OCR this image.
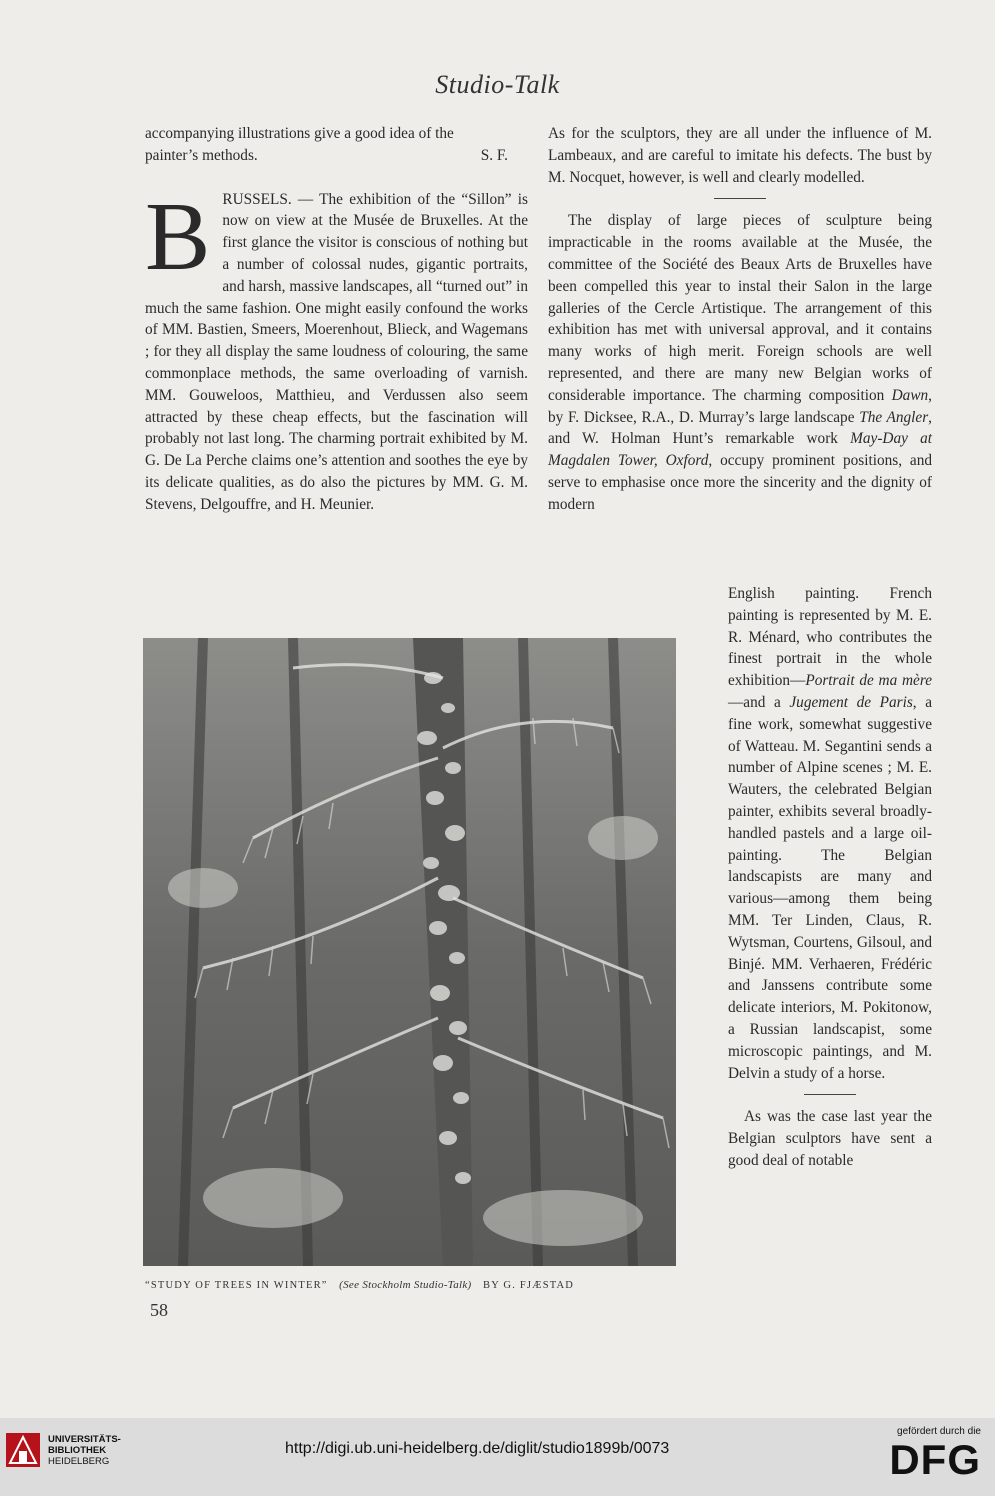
Studio-Talk

accompanying illustrations give a good idea of the

painter’s methods.	S. F.

BRUSSELS. — The exhibition of the “Sillon” is now on view at the Musée de Bruxelles. At the first glance the visitor is conscious of nothing but a number of colossal nudes, gigantic portraits, and harsh, massive landscapes, all “turned out” in much the same fashion. One might easily confound the works of MM. Bastien, Smeers, Moerenhout, Blieck, and Wagemans ; for they all display the same loudness of colouring, the same commonplace methods, the same overloading of varnish. MM. Gouweloos, Matthieu, and Verdussen also seem attracted by these cheap effects, but the fascination will probably not last long. The charming portrait exhibited by M. G. De La Perche claims one’s attention and soothes the eye by its delicate qualities, as do also the pictures by MM. G. M. Stevens, Delgouffre, and H. Meunier.

As for the sculptors, they are all under the influence of M. Lambeaux, and are careful to imitate his defects. The bust by M. Nocquet, however, is well and clearly modelled.

The display of large pieces of sculpture being impracticable in the rooms available at the Musée, the committee of the Société des Beaux Arts de Bruxelles have been compelled this year to instal their Salon in the large galleries of the Cercle Artistique. The arrangement of this exhibition has met with universal approval, and it contains many works of high merit. Foreign schools are well represented, and there are many new Belgian works of considerable importance. The charming composition Dawn, by F. Dicksee, R.A., D. Murray’s large landscape The Angler, and W. Holman Hunt’s remarkable work May-Day at Magdalen Tower, Oxford, occupy prominent positions, and serve to emphasise once more the sincerity and the dignity of modern

English painting. French painting is represented by M. E. R. Ménard, who contributes the finest portrait in the whole exhibition—Portrait de ma mère—and a Jugement de Paris, a fine work, somewhat suggestive of Watteau. M. Segantini sends a number of Alpine scenes ; M. E. Wauters, the celebrated Belgian painter, exhibits several broadly-handled pastels and a large oil-painting. The Belgian landscapists are many and various—among them being MM. Ter Linden, Claus, R. Wytsman, Courtens, Gilsoul, and Binjé. MM. Verhaeren, Frédéric and Janssens contribute some delicate interiors, M. Pokitonow, a Russian landscapist, some microscopic paintings, and M. Delvin a study of a horse.

As was the case last year the Belgian sculptors have sent a good deal of notable

“STUDY OF TREES IN WINTER” (See Stockholm Studio-Talk) BY G. FJÆSTAD
58
UNIVERSITÄTS-
BIBLIOTHEK
HEIDELBERG
http://digi.ub.uni-heidelberg.de/diglit/studio1899b/0073
gefördert durch die
DFG
